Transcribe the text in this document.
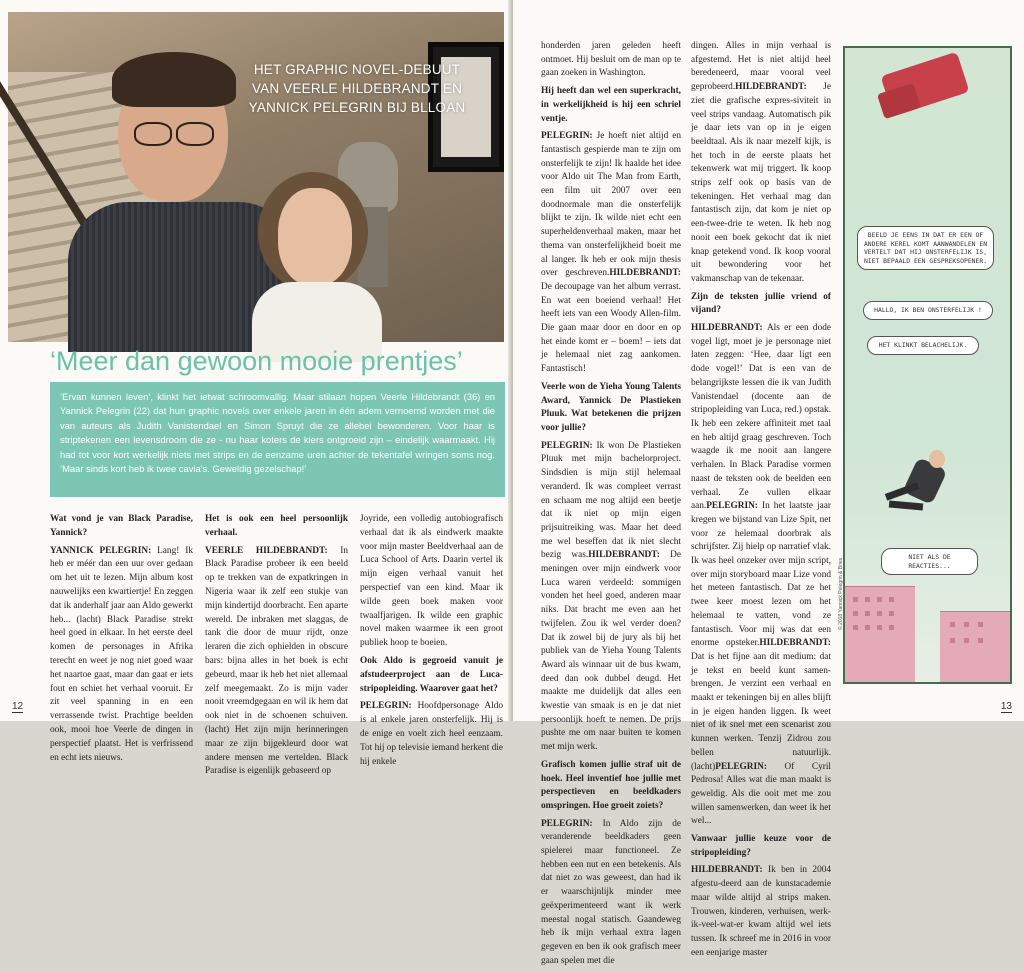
HET GRAPHIC NOVEL-DEBUUT
VAN VEERLE HILDEBRANDT EN
YANNICK PELEGRIN BIJ BLLOAN
‘Meer dan gewoon mooie prentjes’
‘Ervan kunnen leven’, klinkt het ietwat schroomvallig. Maar stilaan hopen Veerle Hildebrandt (36) en Yannick Pelegrin (22) dat hun graphic novels over enkele jaren in één adem vernoemd worden met die van auteurs als Judith Vanistendael en Simon Spruyt die ze allebei bewonderen. Voor haar is striptekenen een levensdroom die ze - nu haar koters de kiers ontgroeid zijn – eindelijk waarmaakt. Hij had tot voor kort werkelijk niets met strips en de eenzame uren achter de tekentafel wringen soms nog. ‘Maar sinds kort heb ik twee cavia’s. Geweldig gezelschap!’

Wat vond je van Black Paradise, Yannick?

YANNICK PELEGRIN: Lang! Ik heb er méér dan een uur over gedaan om het uit te lezen. Mijn album kost nauwelijks een kwartiertje! En zeggen dat ik anderhalf jaar aan Aldo gewerkt heb... (lacht) Black Paradise strekt heel goed in elkaar. In het eerste deel komen de personages in Afrika terecht en weet je nog niet goed waar het naartoe gaat, maar dan gaat er iets fout en schiet het verhaal vooruit. Er zit veel spanning in en een verrassende twist. Prachtige beelden ook, mooi hoe Veerle de dingen in perspectief plaatst. Het is verfrissend en echt iets nieuws.

Het is ook een heel persoonlijk verhaal.

VEERLE HILDEBRANDT: In Black Paradise probeer ik een beeld op te trekken van de expatkringen in Nigeria waar ik zelf een stukje van mijn kindertijd doorbracht. Een aparte wereld. De inbraken met slaggas, de tank die door de muur rijdt, onze leraren die zich ophielden in obscure bars: bijna alles in het boek is echt gebeurd, maar ik heb het niet allemaal zelf meegemaakt. Zo is mijn vader nooit vreemdgegaan en wil ik hem dat ook niet in de schoenen schuiven. (lacht) Het zijn mijn herinneringen maar ze zijn bijgekleurd door wat andere mensen me vertelden. Black Paradise is eigenlijk gebaseerd op

Joyride, een volledig autobiografisch verhaal dat ik als eindwerk maakte voor mijn master Beeldverhaal aan de Luca School of Arts. Daarin vertel ik mijn eigen verhaal vanuit het perspectief van een kind. Maar ik wilde geen boek maken voor twaalfjarigen. Ik wilde een graphic novel maken waarmee ik een groot publiek hoop te boeien.

Ook Aldo is gegroeid vanuit je afstudeerproject aan de Luca-stripopleiding. Waarover gaat het?

PELEGRIN: Hoofdpersonage Aldo is al enkele jaren onsterfelijk. Hij is de enige en voelt zich heel eenzaam. Tot hij op televisie iemand herkent die hij enkele

12

honderden jaren geleden heeft ontmoet. Hij besluit om de man op te gaan zoeken in Washington.

Hij heeft dan wel een superkracht, in werkelijkheid is hij een schriel ventje.

PELEGRIN: Je hoeft niet altijd en fantastisch gespierde man te zijn om onsterfelijk te zijn! Ik haalde het idee voor Aldo uit The Man from Earth, een film uit 2007 over een doodnormale man die onsterfelijk blijkt te zijn. Ik wilde niet echt een superheldenverhaal maken, maar het thema van onsterfelijkheid boeit me al langer. Ik heb er ook mijn thesis over geschreven.HILDEBRANDT: De decoupage van het album verrast. En wat een boeiend verhaal! Het heeft iets van een Woody Allen-film. Die gaan maar door en door en op het einde komt er – boem! – iets dat je helemaal niet zag aankomen. Fantastisch!

Veerle won de Yieha Young Talents Award, Yannick De Plastieken Pluuk. Wat betekenen die prijzen voor jullie?

PELEGRIN: Ik won De Plastieken Pluuk met mijn bachelorproject. Sindsdien is mijn stijl helemaal veranderd. Ik was compleet verrast en schaam me nog altijd een beetje dat ik niet op mijn eigen prijsuitreiking was. Maar het deed me wel beseffen dat ik niet slecht bezig was.HILDEBRANDT: De meningen over mijn eindwerk voor Luca waren verdeeld: sommigen vonden het heel goed, anderen maar niks. Dat bracht me even aan het twijfelen. Zou ik wel verder doen? Dat ik zowel bij de jury als bij het publiek van de Yieha Young Talents Award als winnaar uit de bus kwam, deed dan ook dubbel deugd. Het maakte me duidelijk dat alles een kwestie van smaak is en je dat niet persoonlijk hoeft te nemen. De prijs pushte me om naar buiten te komen met mijn werk.

Grafisch komen jullie straf uit de hoek. Heel inventief hoe jullie met perspectieven en beeldkaders omspringen. Hoe groeit zoiets?

PELEGRIN: In Aldo zijn de veranderende beeldkaders geen spielerei maar functioneel. Ze hebben een nut en een betekenis. Als dat niet zo was geweest, dan had ik er waarschijnlijk minder mee geëxperimenteerd want ik werk meestal nogal statisch. Gaandeweg heb ik mijn verhaal extra lagen gegeven en ben ik ook grafisch meer gaan spelen met die

dingen. Alles in mijn verhaal is afgestemd. Het is niet altijd heel beredeneerd, maar vooral veel geprobeerd.HILDEBRANDT: Je ziet die grafische expres-siviteit in veel strips vandaag. Automatisch pik je daar iets van op in je eigen beeldtaal. Als ik naar mezelf kijk, is het toch in de eerste plaats het tekenwerk wat mij triggert. Ik koop strips zelf ook op basis van de tekeningen. Het verhaal mag dan fantastisch zijn, dat kom je niet op een-twee-drie te weten. Ik heb nog nooit een boek gekocht dat ik niet knap getekend vond. Ik koop vooral uit bewondering voor het vakmanschap van de tekenaar.

Zijn de teksten jullie vriend of vijand?

HILDEBRANDT: Als er een dode vogel ligt, moet je je personage niet laten zeggen: ‘Hee, daar ligt een dode vogel!’ Dat is een van de belangrijkste lessen die ik van Judith Vanistendael (docente aan de stripopleiding van Luca, red.) opstak. Ik heb een zekere affiniteit met taal en heb altijd graag geschreven. Toch waagde ik me nooit aan langere verhalen. In Black Paradise vormen naast de teksten ook de beelden een verhaal. Ze vullen elkaar aan.PELEGRIN: In het laatste jaar kregen we bijstand van Lize Spit, net voor ze helemaal doorbrak als schrijfster. Zij hielp op narratief vlak. Ik was heel onzeker over mijn script, over mijn storyboard maar Lize vond het meteen fantastisch. Dat ze het twee keer moest lezen om het helemaal te vatten, vond ze fantastisch. Voor mij was dat een enorme opsteker.HILDEBRANDT: Dat is het fijne aan dit medium: dat je tekst en beeld kunt samen-brengen. Je verzint een verhaal en maakt er tekeningen bij en alles blijft in je eigen handen liggen. Ik weet niet of ik snel met een scenarist zou kunnen werken. Tenzij Zidrou zou bellen natuurlijk. (lacht)PELEGRIN: Of Cyril Pedrosa! Alles wat die man maakt is geweldig. Als die ooit met me zou willen samenwerken, dan weet ik het wel...

Vanwaar jullie keuze voor de stripopleiding?

HILDEBRANDT: Ik ben in 2004 afgestu-deerd aan de kunstacademie maar wilde altijd al strips maken. Trouwen, kinderen, verhuisen, werk-ik-veel-wat-er kwam altijd wel iets tussen. Ik schreef me in 2016 in voor een eenjarige master

BEELD JE EENS IN DAT ER EEN OF ANDERE KEREL KOMT AANWANDELEN EN VERTELT DAT HIJ ONSTERFELIJK IS, NIET BEPAALD EEN GESPREKSOPENER.
HALLO, IK BEN ONSTERFELIJK !
HET KLINKT BELACHELIJK.
NIET ALS DE REACTIES...
© 2018 Yannick Pelegrin & Bries
13
